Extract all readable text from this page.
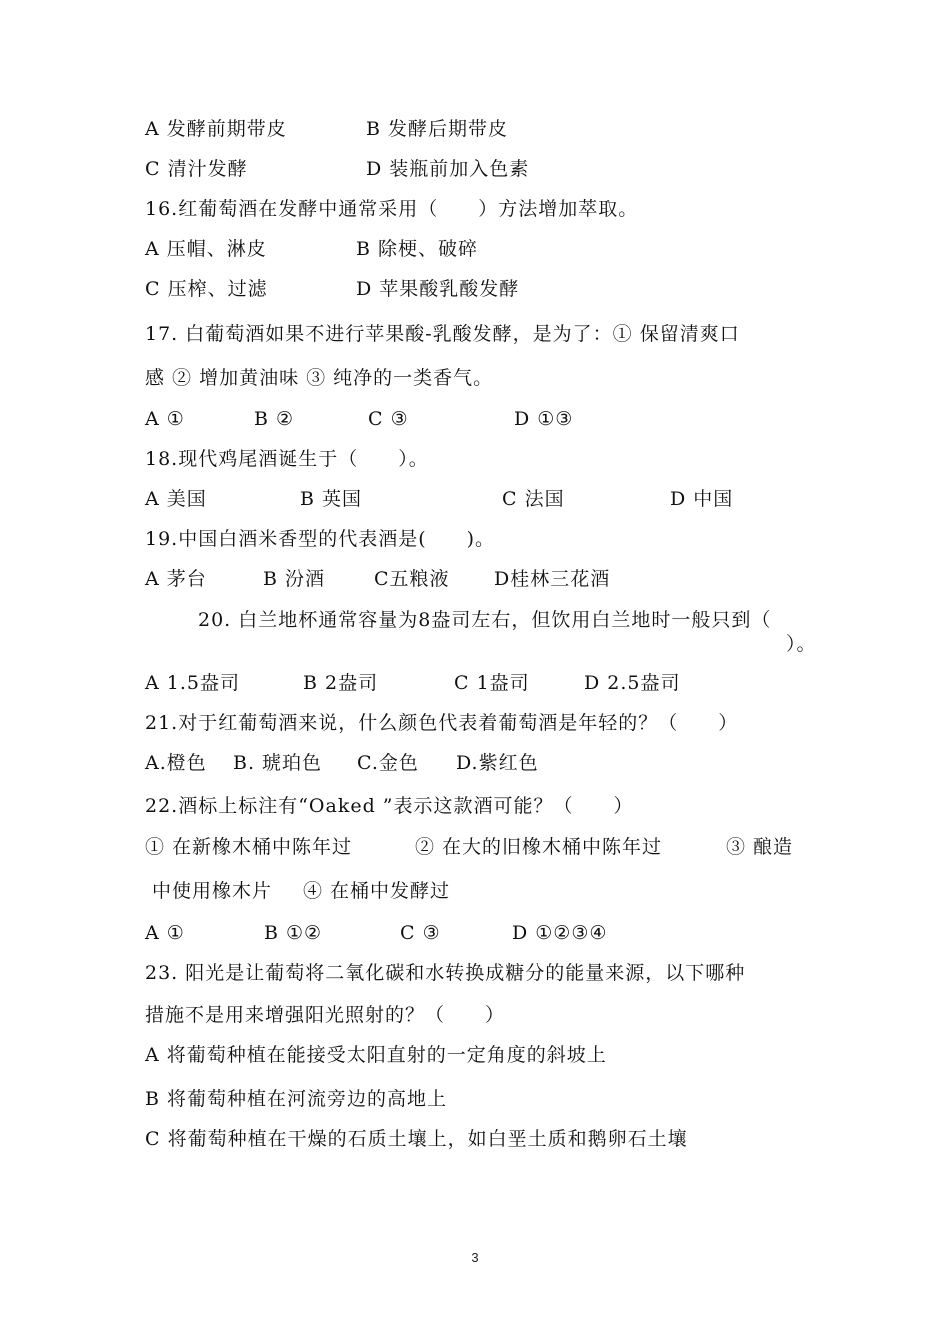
A 发酵前期带皮	B 发酵后期带皮
C 清汁发酵	D 装瓶前加入色素
16.红葡萄酒在发酵中通常采用（　　）方法增加萃取。
A 压帽、淋皮	B 除梗、破碎
C 压榨、过滤	D 苹果酸乳酸发酵
17. 白葡萄酒如果不进行苹果酸-乳酸发酵，是为了：① 保留清爽口
感 ② 增加黄油味 ③ 纯净的一类香气。
A ①	B ②	C ③	D ①③
18.现代鸡尾酒诞生于（　　）。
A 美国	B 英国	C 法国	D 中国
19.中国白酒米香型的代表酒是(　　)。
A 茅台	B 汾酒	C五粮液 D桂林三花酒
20. 白兰地杯通常容量为8盎司左右，但饮用白兰地时一般只到（
）。
A 1.5盎司	B 2盎司	C 1盎司	D 2.5盎司
21.对于红葡萄酒来说，什么颜色代表着葡萄酒是年轻的？（　　）
A.橙色 B. 琥珀色 C.金色 D.紫红色
22.酒标上标注有“Oaked ”表示这款酒可能？（　　）
① 在新橡木桶中陈年过	② 在大的旧橡木桶中陈年过	③ 酿造
中使用橡木片 ④ 在桶中发酵过
A ①	B ①②	C ③	D ①②③④
23. 阳光是让葡萄将二氧化碳和水转换成糖分的能量来源，以下哪种
措施不是用来增强阳光照射的？（　　）
A 将葡萄种植在能接受太阳直射的一定角度的斜坡上
B 将葡萄种植在河流旁边的高地上
C 将葡萄种植在干燥的石质土壤上，如白垩土质和鹅卵石土壤
3
